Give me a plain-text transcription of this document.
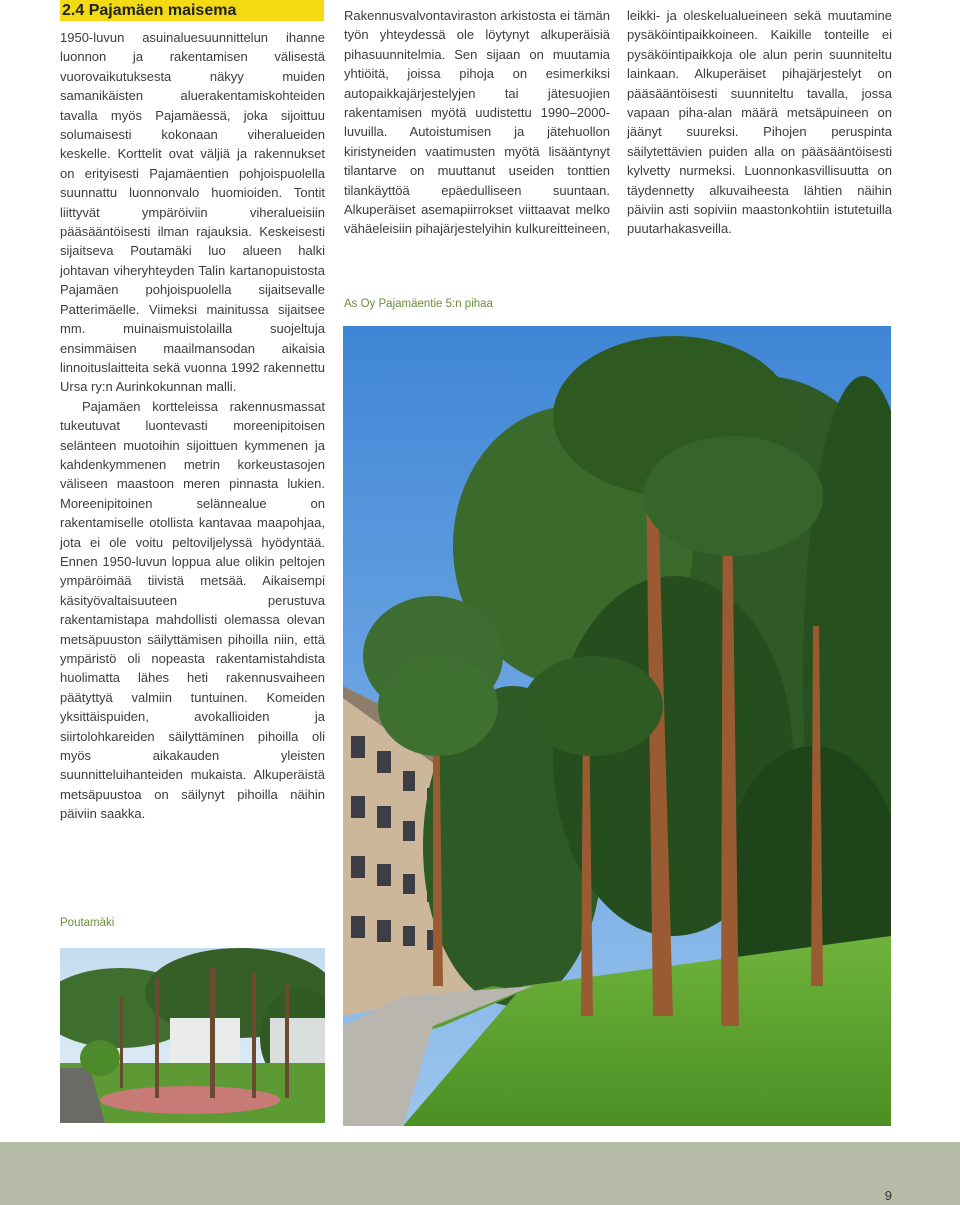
2.4 Pajamäen maisema

1950-luvun asuinaluesuunnittelun ihanne luonnon ja rakentamisen välisestä vuorovaikutuksesta näkyy muiden samanikäisten aluerakentamiskohteiden tavalla myös Pajamäessä, joka sijoittuu solumaisesti kokonaan viheralueiden keskelle. Korttelit ovat väljiä ja rakennukset on erityisesti Pajamäentien pohjoispuolella suunnattu luonnonvalo huomioiden. Tontit liittyvät ympäröiviin viheralueisiin pääsääntöisesti ilman rajauksia. Keskeisesti sijaitseva Poutamäki luo alueen halki johtavan viheryhteyden Talin kartanopuistosta Pajamäen pohjoispuolella sijaitsevalle Patterimäelle. Viimeksi mainitussa sijaitsee mm. muinaismuistolailla suojeltuja ensimmäisen maailmansodan aikaisia linnoituslaitteita sekä vuonna 1992 rakennettu Ursa ry:n Aurinkokunnan malli.

Pajamäen kortteleissa rakennusmassat tukeutuvat luontevasti moreenipitoisen selänteen muotoihin sijoittuen kymmenen ja kahdenkymmenen metrin korkeustasojen väliseen maastoon meren pinnasta lukien. Moreenipitoinen selännealue on rakentamiselle otollista kantavaa maapohjaa, jota ei ole voitu peltoviljelyssä hyödyntää. Ennen 1950-luvun loppua alue olikin peltojen ympäröimää tiivistä metsää. Aikaisempi käsityövaltaisuuteen perustuva rakentamistapa mahdollisti olemassa olevan metsäpuuston säilyttämisen pihoilla niin, että ympäristö oli nopeasta rakentamistahdista huolimatta lähes heti rakennusvaiheen päätyttyä valmiin tuntuinen. Komeiden yksittäispuiden, avokallioiden ja siirtolohkareiden säilyttäminen pihoilla oli myös aikakauden yleisten suunnitteluihanteiden mukaista. Alkuperäistä metsäpuustoa on säilynyt pihoilla näihin päiviin saakka.

Rakennusvalvontaviraston arkistosta ei tämän työn yhteydessä ole löytynyt alkuperäisiä pihasuunnitelmia. Sen sijaan on muutamia yhtiöitä, joissa pihoja on esimerkiksi autopaikkajärjestelyjen tai jätesuojien rakentamisen myötä uudistettu 1990–2000-luvuilla. Autoistumisen ja jätehuollon kiristyneiden vaatimusten myötä lisääntynyt tilantarve on muuttanut useiden tonttien tilankäyttöä epäedulliseen suuntaan. Alkuperäiset asemapiirrokset viittaavat melko vähäeleisiin pihajärjestelyihin kulkureitteineen,

leikki- ja oleskelualueineen sekä muutamine pysäköintipaikkoineen. Kaikille tonteille ei pysäköintipaikkoja ole alun perin suunniteltu lainkaan. Alkuperäiset pihajärjestelyt on pääsääntöisesti suunniteltu tavalla, jossa vapaan piha-alan määrä metsäpuineen on jäänyt suureksi. Pihojen peruspinta säilytettävien puiden alla on pääsääntöisesti kylvetty nurmeksi. Luonnonkasvillisuutta on täydennetty alkuvaiheesta lähtien näihin päiviin asti sopiviin maastonkohtiin istutetuilla puutarhakasveilla.

As Oy Pajamäentie 5:n pihaa
Poutamäki
9
